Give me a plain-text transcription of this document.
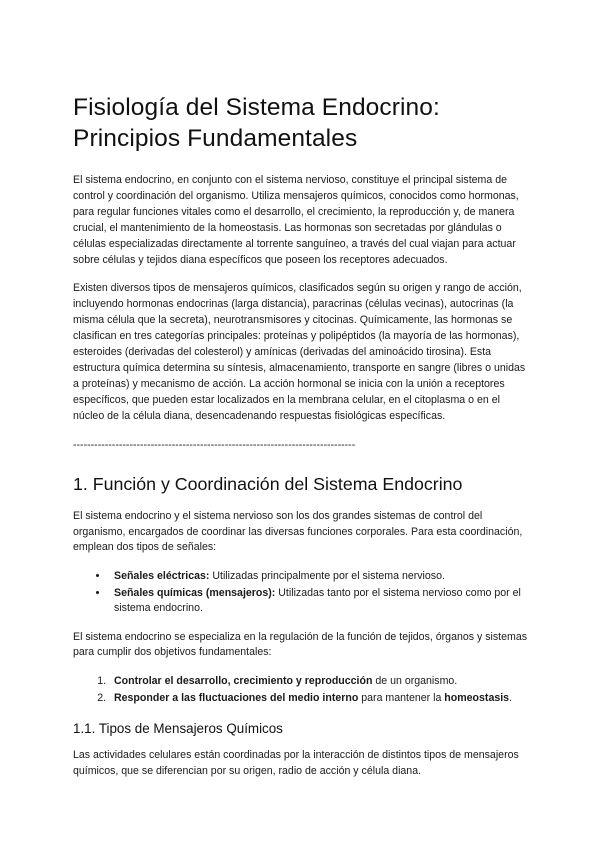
Fisiología del Sistema Endocrino: Principios Fundamentales

El sistema endocrino, en conjunto con el sistema nervioso, constituye el principal sistema de control y coordinación del organismo. Utiliza mensajeros químicos, conocidos como hormonas, para regular funciones vitales como el desarrollo, el crecimiento, la reproducción y, de manera crucial, el mantenimiento de la homeostasis. Las hormonas son secretadas por glándulas o células especializadas directamente al torrente sanguíneo, a través del cual viajan para actuar sobre células y tejidos diana específicos que poseen los receptores adecuados.

Existen diversos tipos de mensajeros químicos, clasificados según su origen y rango de acción, incluyendo hormonas endocrinas (larga distancia), paracrinas (células vecinas), autocrinas (la misma célula que la secreta), neurotransmisores y citocinas. Químicamente, las hormonas se clasifican en tres categorías principales: proteínas y polipéptidos (la mayoría de las hormonas), esteroides (derivadas del colesterol) y amínicas (derivadas del aminoácido tirosina). Esta estructura química determina su síntesis, almacenamiento, transporte en sangre (libres o unidas a proteínas) y mecanismo de acción. La acción hormonal se inicia con la unión a receptores específicos, que pueden estar localizados en la membrana celular, en el citoplasma o en el núcleo de la célula diana, desencadenando respuestas fisiológicas específicas.

--------------------------------------------------------------------------------
1. Función y Coordinación del Sistema Endocrino

El sistema endocrino y el sistema nervioso son los dos grandes sistemas de control del organismo, encargados de coordinar las diversas funciones corporales. Para esta coordinación, emplean dos tipos de señales:

• Señales eléctricas: Utilizadas principalmente por el sistema nervioso.
• Señales químicas (mensajeros): Utilizadas tanto por el sistema nervioso como por el sistema endocrino.

El sistema endocrino se especializa en la regulación de la función de tejidos, órganos y sistemas para cumplir dos objetivos fundamentales:

1. Controlar el desarrollo, crecimiento y reproducción de un organismo.
2. Responder a las fluctuaciones del medio interno para mantener la homeostasis.
1.1. Tipos de Mensajeros Químicos

Las actividades celulares están coordinadas por la interacción de distintos tipos de mensajeros químicos, que se diferencian por su origen, radio de acción y célula diana.
